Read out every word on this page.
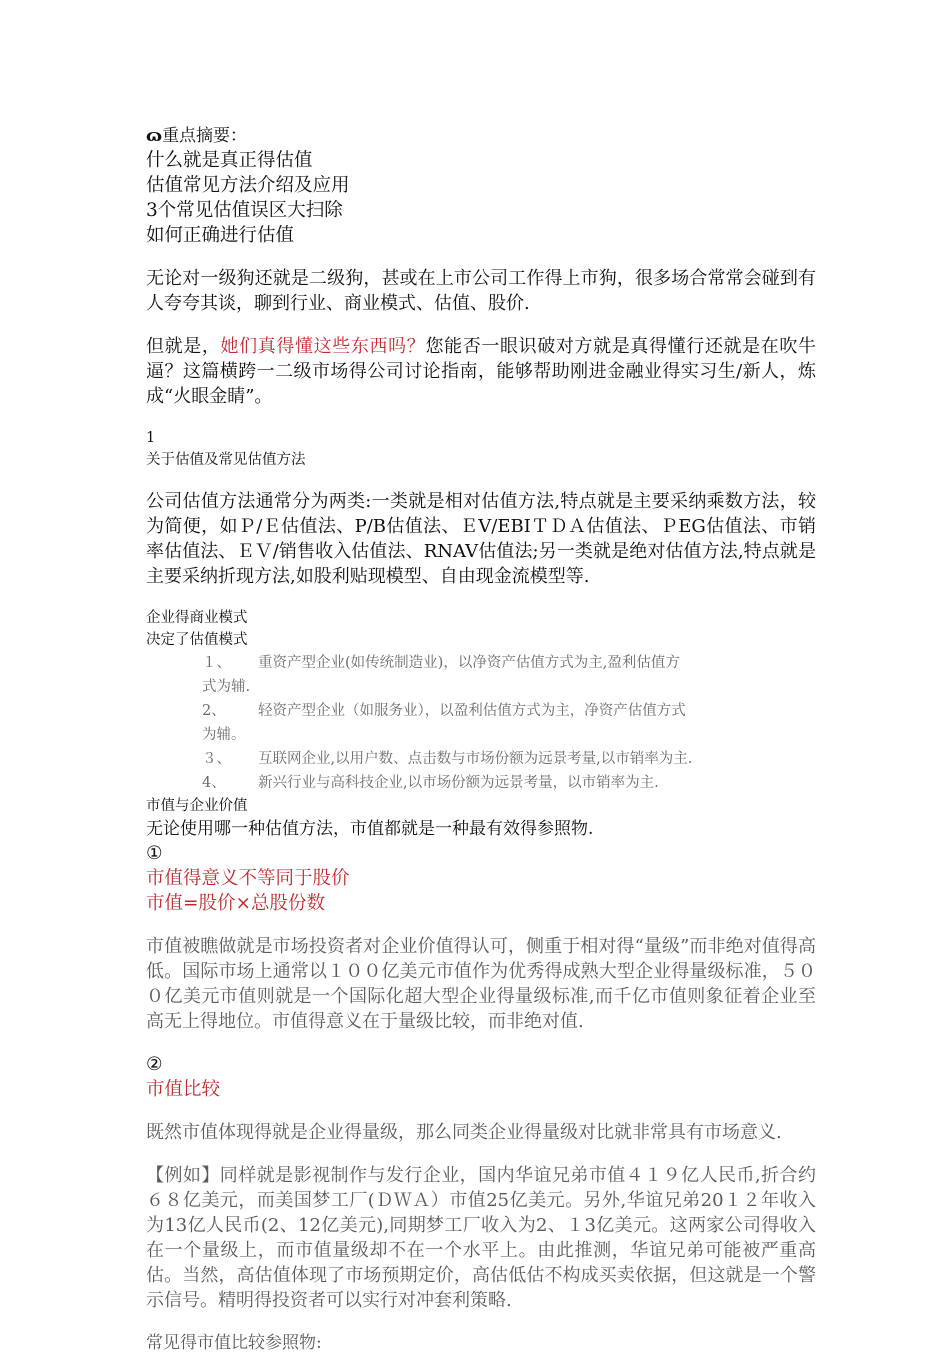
ɷ重点摘要：

什么就是真正得估值

估值常见方法介绍及应用

3个常见估值误区大扫除

如何正确进行估值

无论对一级狗还就是二级狗，甚或在上市公司工作得上市狗，很多场合常常会碰到有人夸夸其谈，聊到行业、商业模式、估值、股价.

但就是，她们真得懂这些东西吗？您能否一眼识破对方就是真得懂行还就是在吹牛逼？这篇横跨一二级市场得公司讨论指南，能够帮助刚进金融业得实习生/新人，炼成“火眼金睛”。

1

关于估值及常见估值方法

公司估值方法通常分为两类:一类就是相对估值方法,特点就是主要采纳乘数方法，较为简便，如Ｐ/Ｅ估值法、P/B估值法、ＥV/EBIＴＤＡ估值法、ＰEG估值法、市销率估值法、ＥＶ/销售收入估值法、RNAV估值法;另一类就是绝对估值方法,特点就是主要采纳折现方法,如股利贴现模型、自由现金流模型等.

企业得商业模式

决定了估值模式

１、 重资产型企业(如传统制造业)，以净资产估值方式为主,盈利估值方
式为辅.
2、 轻资产型企业（如服务业），以盈利估值方式为主，净资产估值方式
为辅。
３、 互联网企业,以用户数、点击数与市场份额为远景考量,以市销率为主.
4、 新兴行业与高科技企业,以市场份额为远景考量，以市销率为主.

市值与企业价值

无论使用哪一种估值方法，市值都就是一种最有效得参照物.

①

市值得意义不等同于股价

市值=股价×总股份数

市值被瞧做就是市场投资者对企业价值得认可，侧重于相对得“量级”而非绝对值得高低。国际市场上通常以１００亿美元市值作为优秀得成熟大型企业得量级标准，５００亿美元市值则就是一个国际化超大型企业得量级标准,而千亿市值则象征着企业至高无上得地位。市值得意义在于量级比较，而非绝对值.

②

市值比较

既然市值体现得就是企业得量级，那么同类企业得量级对比就非常具有市场意义.

【例如】同样就是影视制作与发行企业，国内华谊兄弟市值４１９亿人民币,折合约６８亿美元，而美国梦工厂(ＤＷＡ）市值25亿美元。另外,华谊兄弟20１２年收入为13亿人民币(2、12亿美元),同期梦工厂收入为2、１3亿美元。这两家公司得收入在一个量级上，而市值量级却不在一个水平上。由此推测，华谊兄弟可能被严重高估。当然，高估值体现了市场预期定价，高估低估不构成买卖依据，但这就是一个警示信号。精明得投资者可以实行对冲套利策略.

常见得市值比较参照物:
